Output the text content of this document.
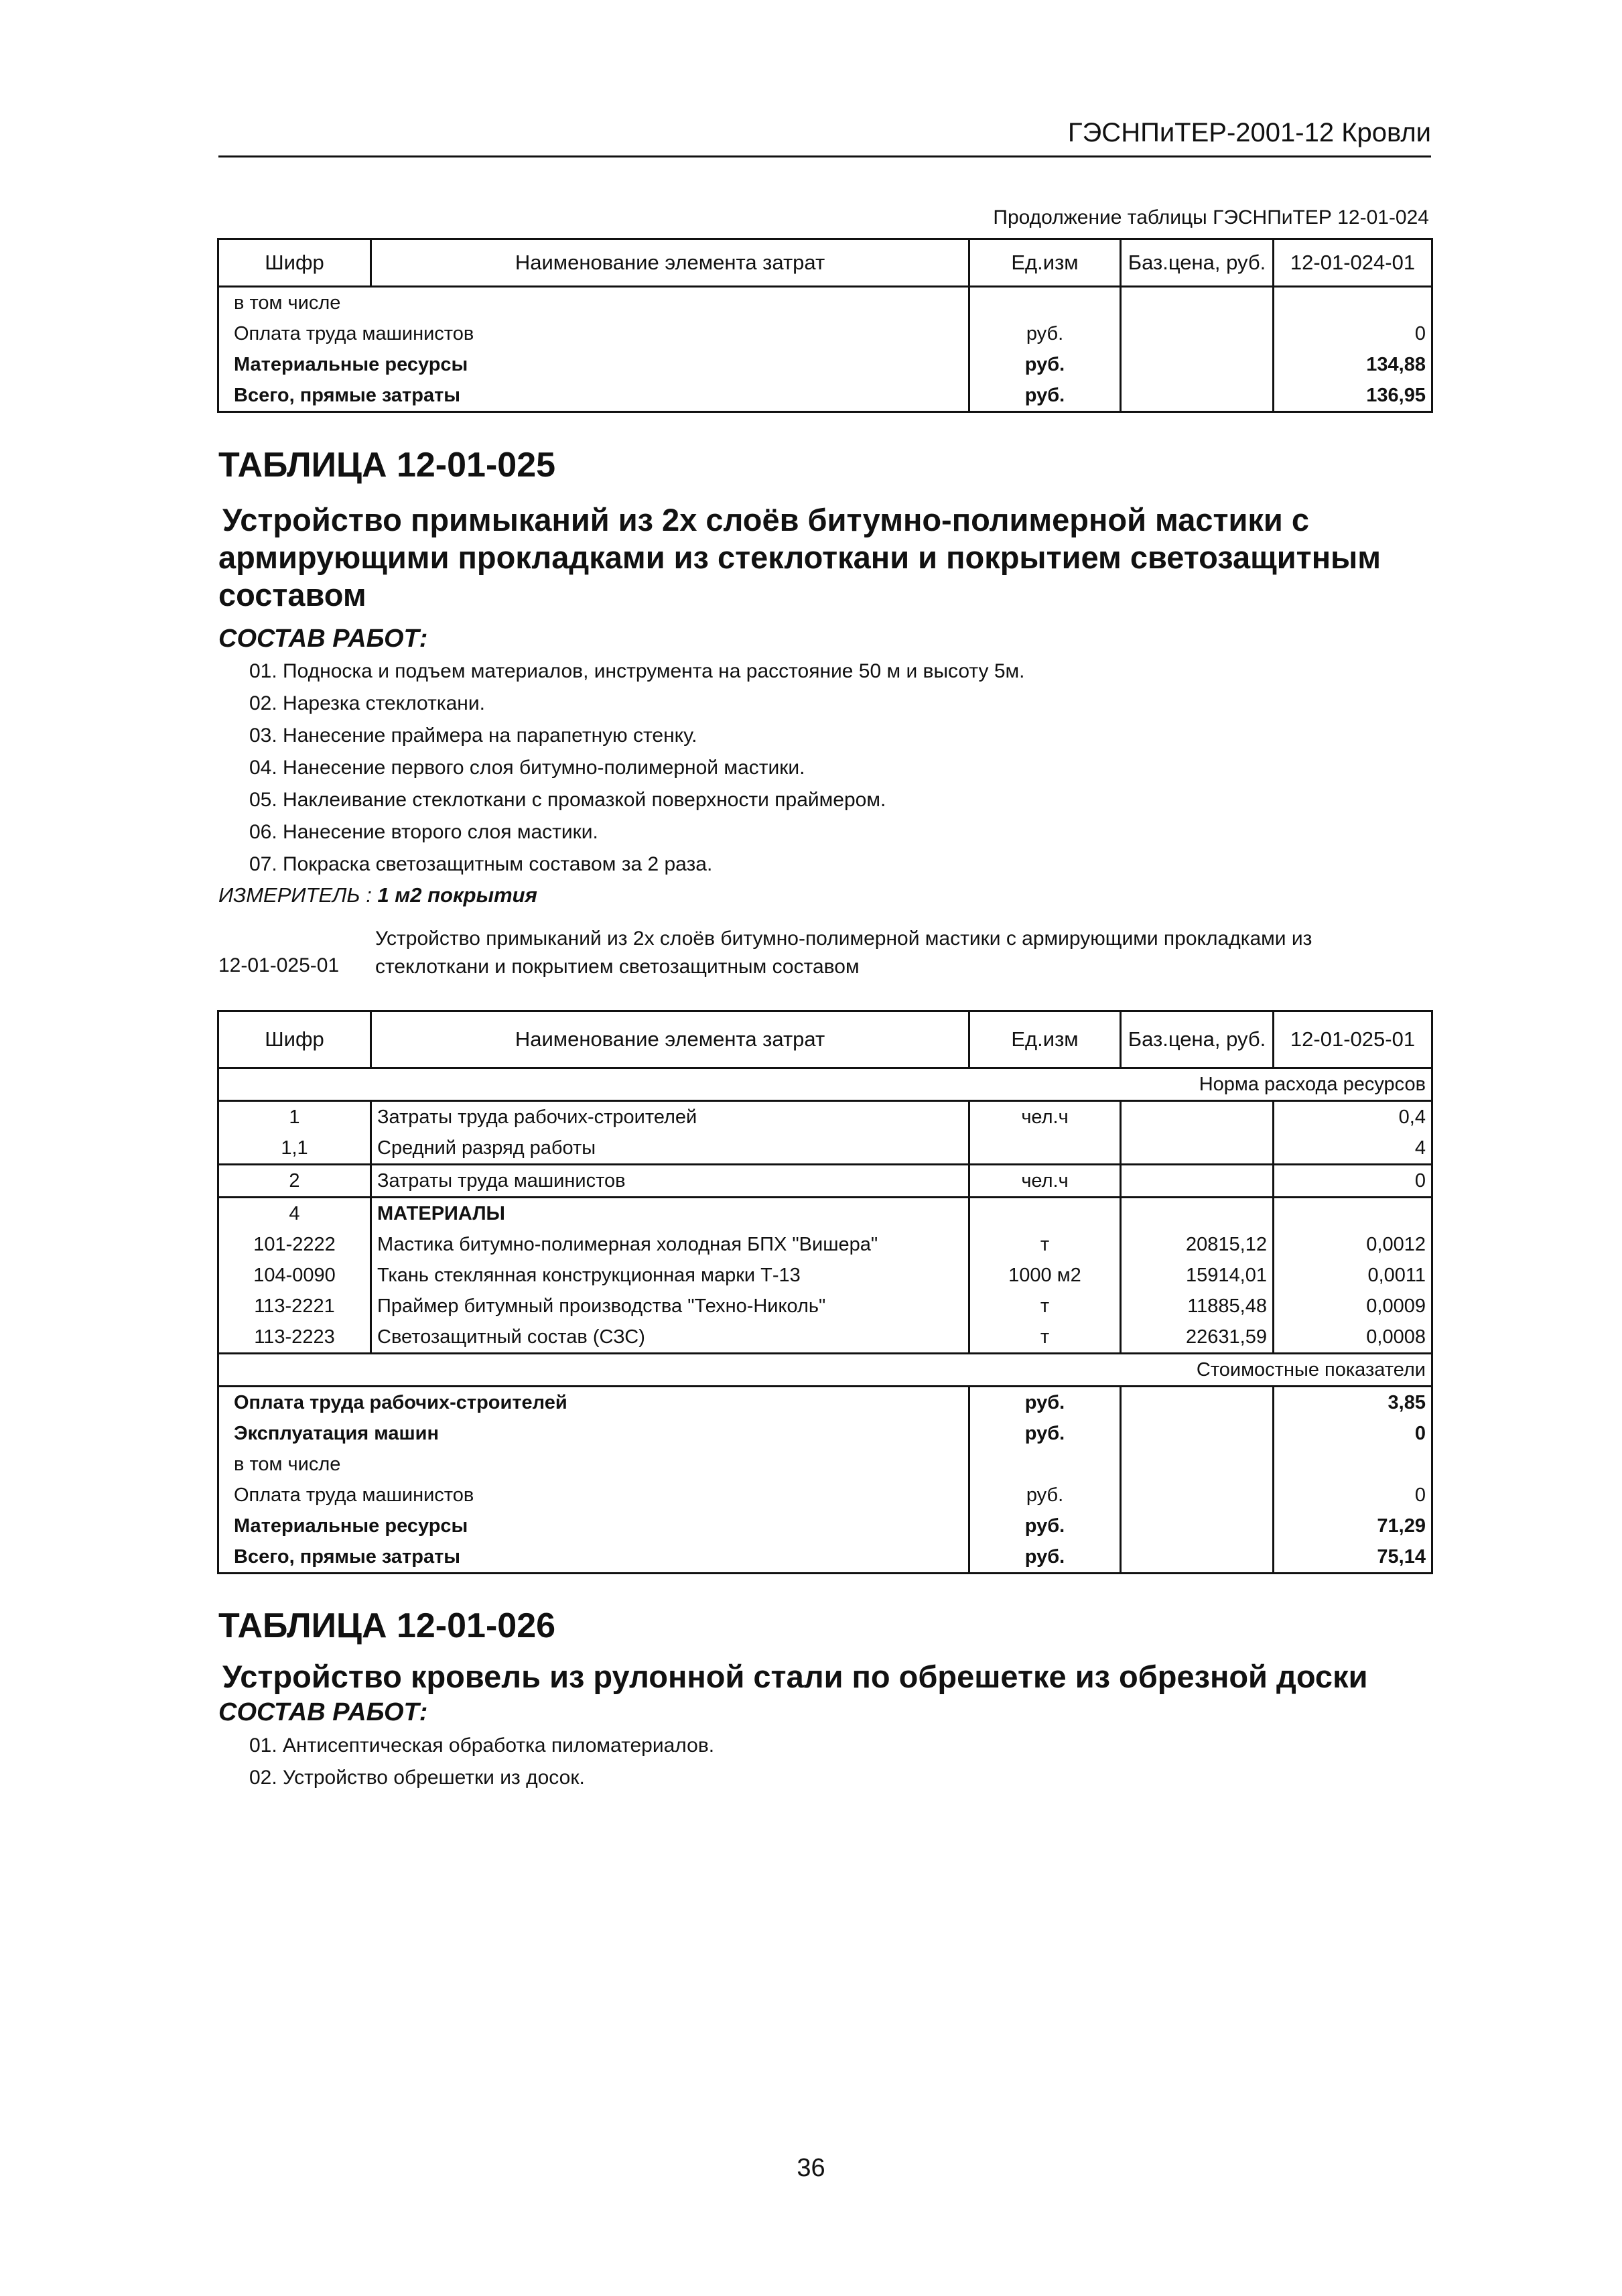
ГЭСНПиТЕР-2001-12 Кровли
Продолжение таблицы ГЭСНПиТЕР 12-01-024
Шифр	Наименование элемента затрат	Ед.изм	Баз.цена, руб.	12-01-024-01
в том числе				
Оплата труда машинистов		руб.		0
Материальные ресурсы		руб.		134,88
Всего, прямые затраты		руб.		136,95
ТАБЛИЦА 12-01-025
Устройство примыканий из 2х слоёв битумно-полимерной мастики с
армирующими прокладками из стеклоткани и покрытием светозащитным
составом
СОСТАВ РАБОТ:
01. Подноска и подъем материалов, инструмента на расстояние 50 м и высоту 5м.
02. Нарезка стеклоткани.
03. Нанесение праймера на парапетную стенку.
04. Нанесение первого слоя битумно-полимерной мастики.
05. Наклеивание стеклоткани с промазкой поверхности праймером.
06. Нанесение второго слоя мастики.
07. Покраска светозащитным составом за 2 раза.
ИЗМЕРИТЕЛЬ : 1 м2 покрытия
12-01-025-01
Устройство примыканий из 2х слоёв битумно-полимерной мастики с армирующими прокладками из
стеклоткани и покрытием светозащитным составом
Шифр	Наименование элемента затрат	Ед.изм	Баз.цена, руб.	12-01-025-01
Норма расхода ресурсов				
1	Затраты труда рабочих-строителей	чел.ч		0,4
1,1	Средний разряд работы			4
2	Затраты труда машинистов	чел.ч		0
4	МАТЕРИАЛЫ			
101-2222	Мастика битумно-полимерная холодная БПХ "Вишера"	т	20815,12	0,0012
104-0090	Ткань стеклянная конструкционная марки Т-13	1000 м2	15914,01	0,0011
113-2221	Праймер битумный производства "Техно-Николь"	т	11885,48	0,0009
113-2223	Светозащитный состав (СЗС)	т	22631,59	0,0008
Стоимостные показатели				
Оплата труда рабочих-строителей		руб.		3,85
Эксплуатация машин		руб.		0
в том числе				
Оплата труда машинистов		руб.		0
Материальные ресурсы		руб.		71,29
Всего, прямые затраты		руб.		75,14
ТАБЛИЦА 12-01-026
Устройство кровель из рулонной стали по обрешетке из обрезной доски
СОСТАВ РАБОТ:
01. Антисептическая обработка пиломатериалов.
02. Устройство обрешетки из досок.
36
